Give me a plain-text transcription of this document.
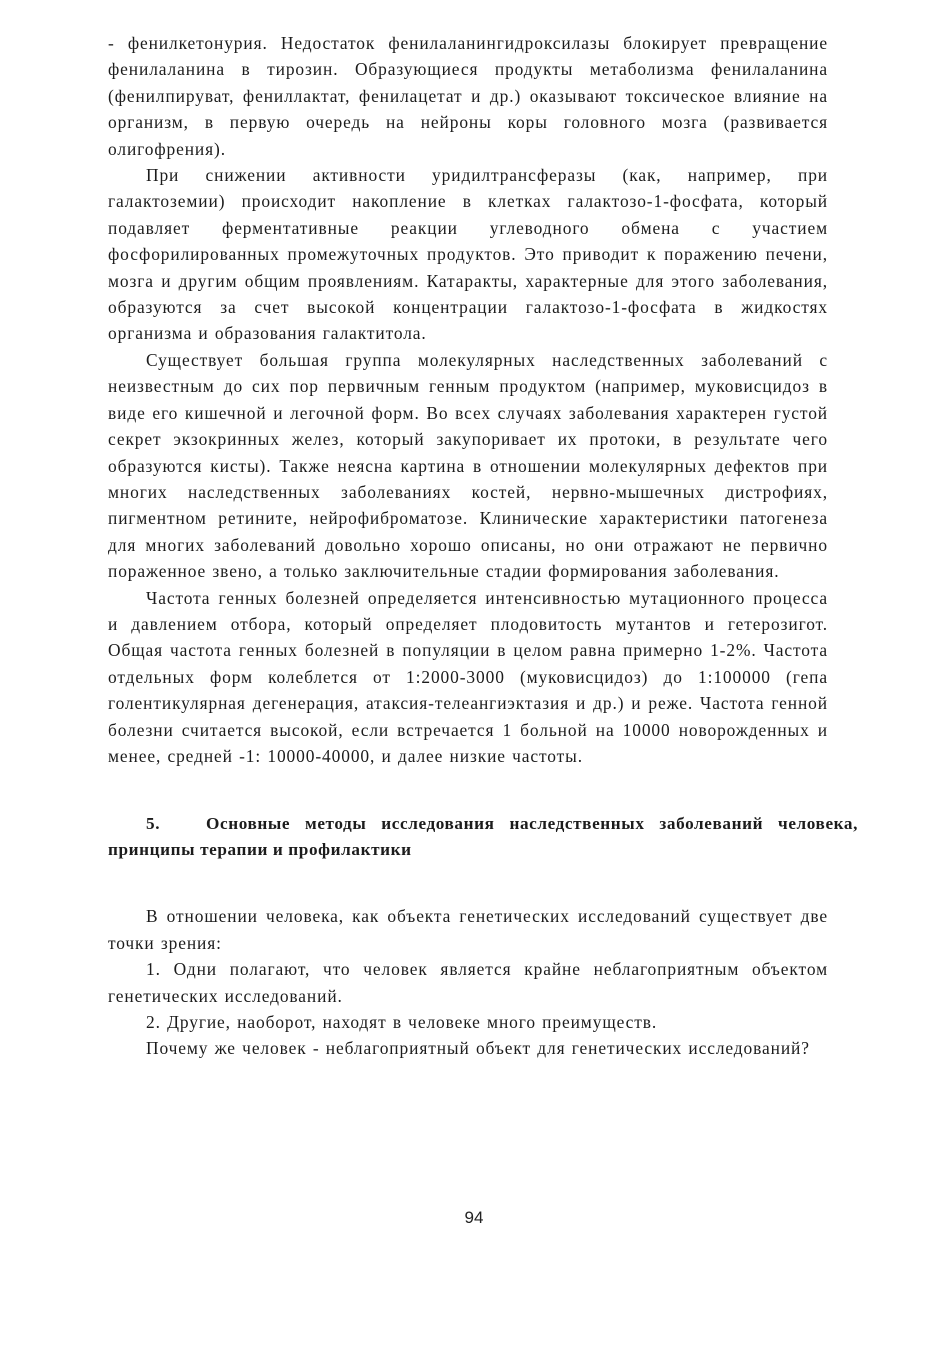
- фенилкетонурия. Недостаток фенилаланингидроксилазы блокирует превращение фенилаланина в тирозин. Образующиеся продукты метаболизма фенилаланина (фенилпируват, фениллактат, фенилацетат и др.) оказывают токсическое влияние на организм, в первую очередь на нейроны коры головного мозга (развивается олигофрения).

При снижении активности уридилтрансферазы (как, например, при галактоземии) происходит накопление в клетках галактозо-1-фосфата, который подавляет ферментативные реакции углеводного обмена с участием фосфорилированных промежуточных продуктов. Это приводит к поражению печени, мозга и другим общим проявлениям. Катаракты, характерные для этого заболевания, образуются за счет высокой концентрации галактозо-1-фосфата в жидкостях организма и образования галактитола.

Существует большая группа молекулярных наследственных заболеваний с неизвестным до сих пор первичным генным продуктом (например, муковисцидоз в виде его кишечной и легочной форм. Во всех случаях заболевания характерен густой секрет экзокринных желез, который закупоривает их протоки, в результате чего образуются кисты). Также неясна картина в отношении молекулярных дефектов при многих наследственных заболеваниях костей, нервно-мышечных дистрофиях, пигментном ретините, нейрофиброматозе. Клинические характеристики патогенеза для многих заболеваний довольно хорошо описаны, но они отражают не первично пораженное звено, а только заключительные стадии формирования заболевания.

Частота генных болезней определяется интенсивностью мутационного процесса и давлением отбора, который определяет плодовитость мутантов и гетерозигот. Общая частота генных болезней в популяции в целом равна примерно 1-2%. Частота отдельных форм колеблется от 1:2000-3000 (муковисцидоз) до 1:100000 (гепа голентикулярная дегенерация, атаксия-телеангиэктазия и др.) и реже. Частота генной болезни считается высокой, если встречается 1 больной на 10000 новорожденных и менее, средней -1: 10000-40000, и далее низкие частоты.

5.	Основные методы исследования наследственных заболеваний человека, принципы терапии и профилактики

В отношении человека, как объекта генетических исследований существует две точки зрения:

1. Одни полагают, что человек является крайне неблагоприятным объектом генетических исследований.

2. Другие, наоборот, находят в человеке много преимуществ.

Почему же человек - неблагоприятный объект для генетических исследований?

94
